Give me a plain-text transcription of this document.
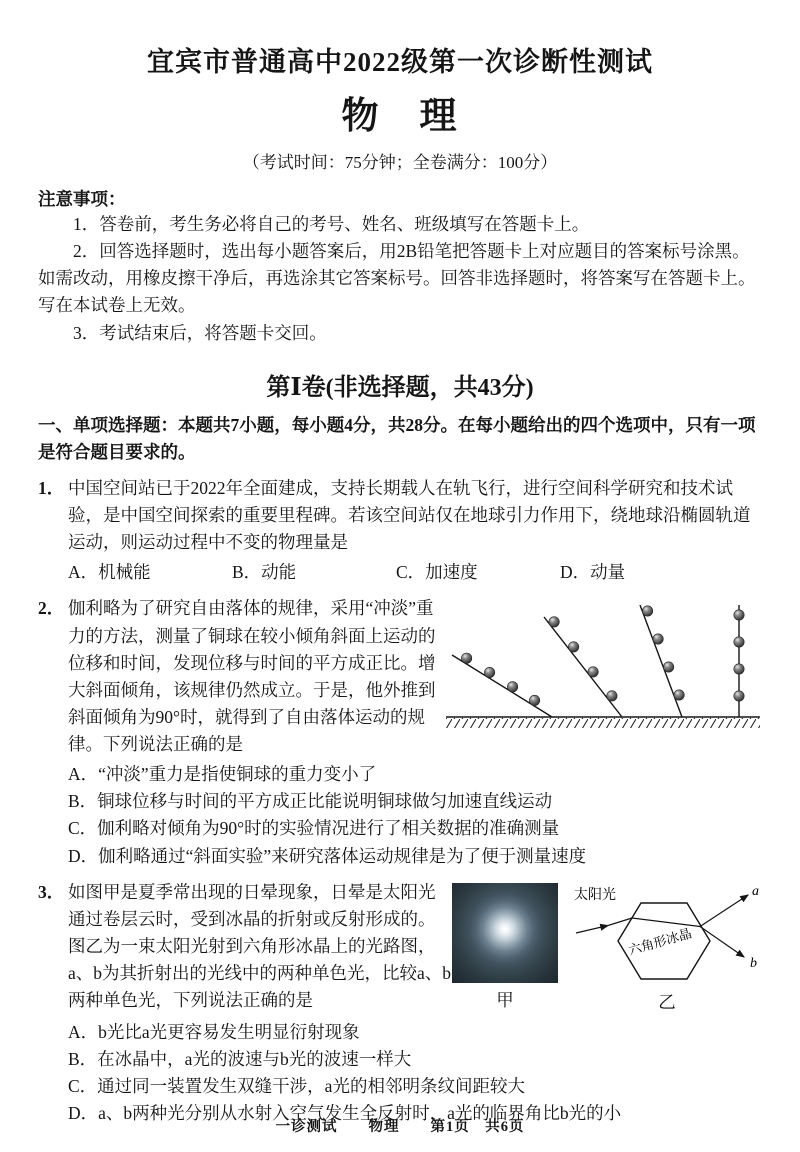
宜宾市普通高中2022级第一次诊断性测试
物　理
（考试时间：75分钟；全卷满分：100分）
注意事项：

1．答卷前，考生务必将自己的考号、姓名、班级填写在答题卡上。

2．回答选择题时，选出每小题答案后，用2B铅笔把答题卡上对应题目的答案标号涂黑。如需改动，用橡皮擦干净后，再选涂其它答案标号。回答非选择题时，将答案写在答题卡上。写在本试卷上无效。

3．考试结束后，将答题卡交回。

第Ⅰ卷(非选择题，共43分)

一、单项选择题：本题共7小题，每小题4分，共28分。在每小题给出的四个选项中，只有一项是符合题目要求的。

1． 中国空间站已于2022年全面建成，支持长期载人在轨飞行，进行空间科学研究和技术试验，是中国空间探索的重要里程碑。若该空间站仅在地球引力作用下，绕地球沿椭圆轨道运动，则运动过程中不变的物理量是
A．机械能	B．动能	C．加速度	D．动量
2． 伽利略为了研究自由落体的规律，采用“冲淡”重力的方法，测量了铜球在较小倾角斜面上运动的位移和时间，发现位移与时间的平方成正比。增大斜面倾角，该规律仍然成立。于是，他外推到斜面倾角为90°时，就得到了自由落体运动的规律。下列说法正确的是

A．“冲淡”重力是指使铜球的重力变小了

B．铜球位移与时间的平方成正比能说明铜球做匀加速直线运动

C．伽利略对倾角为90°时的实验情况进行了相关数据的准确测量

D．伽利略通过“斜面实验”来研究落体运动规律是为了便于测量速度

3． 如图甲是夏季常出现的日晕现象，日晕是太阳光通过卷层云时，受到冰晶的折射或反射形成的。图乙为一束太阳光射到六角形冰晶上的光路图，a、b为其折射出的光线中的两种单色光，比较a、b两种单色光，下列说法正确的是	甲
太阳光	a
b
六角形冰晶
乙

A．b光比a光更容易发生明显衍射现象

B．在冰晶中，a光的波速与b光的波速一样大

C．通过同一装置发生双缝干涉，a光的相邻明条纹间距较大

D．a、b两种光分别从水射入空气发生全反射时，a光的临界角比b光的小

一诊测试　　物理　　第1页　共6页
